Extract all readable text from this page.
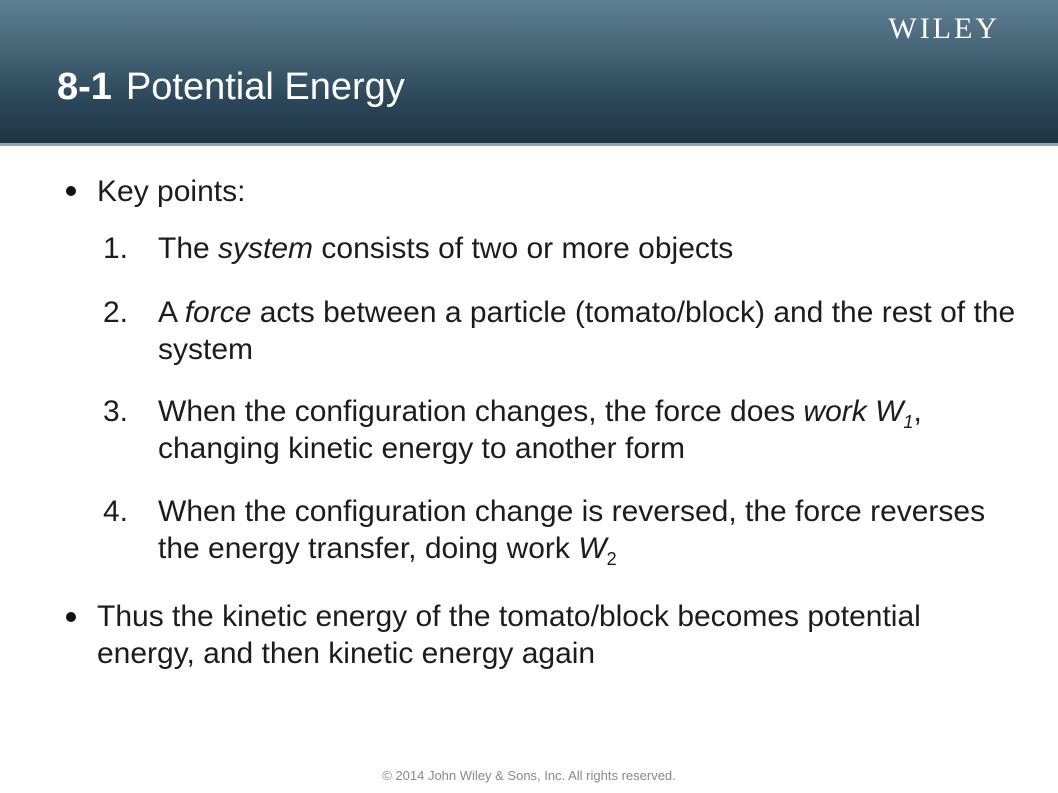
WILEY
8-1 Potential Energy
Key points:
1. The system consists of two or more objects
2. A force acts between a particle (tomato/block) and the rest of the system
3. When the configuration changes, the force does work $W_1$, changing kinetic energy to another form
4. When the configuration change is reversed, the force reverses the energy transfer, doing work $W_2$
Thus the kinetic energy of the tomato/block becomes potential energy, and then kinetic energy again
© 2014 John Wiley & Sons, Inc. All rights reserved.
